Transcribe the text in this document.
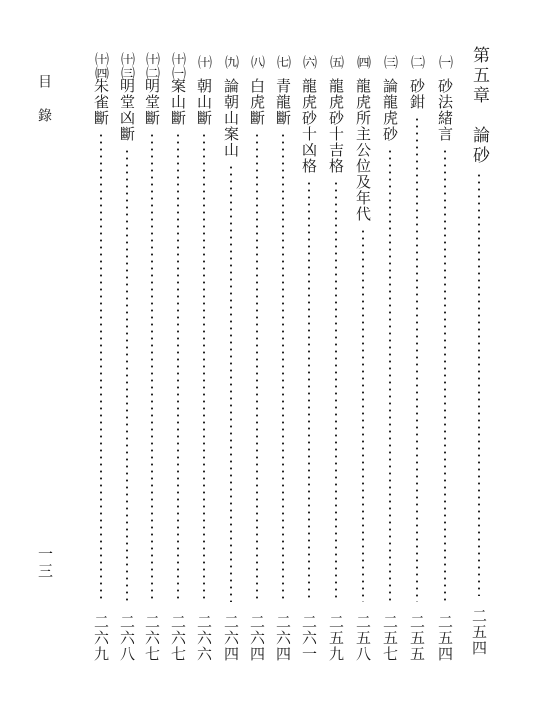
目錄
一三
第五章　論砂
二五四
㈠
砂法緒言
二五四
㈡
砂鉗
二五五
㈢
論龍虎砂
二五七
㈣
龍虎所主公位及年代
二五八
㈤
龍虎砂十吉格
二五九
㈥
龍虎砂十凶格
二六一
㈦
青龍斷
二六四
㈧
白虎斷
二六四
㈨
論朝山案山
二六四
㈩
朝山斷
二六六
㈩㈠
案山斷
二六七
㈩㈡
明堂斷
二六七
㈩㈢
明堂凶斷
二六八
㈩㈣
朱雀斷
二六九
